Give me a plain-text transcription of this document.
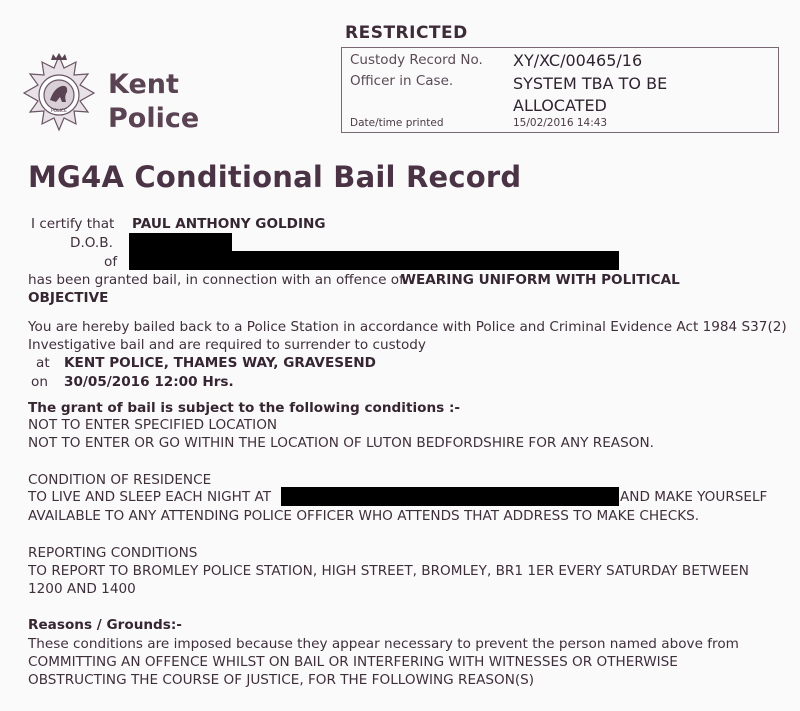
POLICE
Kent
Police
RESTRICTED
Custody Record No. XY/XC/00465/16
Officer in Case.	SYSTEM TBA TO BE
ALLOCATED
Date/time printed	15/02/2016 14:43
MG4A Conditional Bail Record
I certify that PAUL ANTHONY GOLDING
D.O.B.
of
has been granted bail, in connection with an offence of
WEARING UNIFORM WITH POLITICAL
OBJECTIVE
You are hereby bailed back to a Police Station in accordance with Police and Criminal Evidence Act 1984 S37(2)
Investigative bail and are required to surrender to custody
at KENT POLICE, THAMES WAY, GRAVESEND
on 30/05/2016 12:00 Hrs.
The grant of bail is subject to the following conditions :-
NOT TO ENTER SPECIFIED LOCATION
NOT TO ENTER OR GO WITHIN THE LOCATION OF LUTON BEDFORDSHIRE FOR ANY REASON.
CONDITION OF RESIDENCE
TO LIVE AND SLEEP EACH NIGHT AT	AND MAKE YOURSELF
AVAILABLE TO ANY ATTENDING POLICE OFFICER WHO ATTENDS THAT ADDRESS TO MAKE CHECKS.
REPORTING CONDITIONS
TO REPORT TO BROMLEY POLICE STATION, HIGH STREET, BROMLEY, BR1 1ER EVERY SATURDAY BETWEEN
1200 AND 1400
Reasons / Grounds:-
These conditions are imposed because they appear necessary to prevent the person named above from
COMMITTING AN OFFENCE WHILST ON BAIL OR INTERFERING WITH WITNESSES OR OTHERWISE
OBSTRUCTING THE COURSE OF JUSTICE, FOR THE FOLLOWING REASON(S)
